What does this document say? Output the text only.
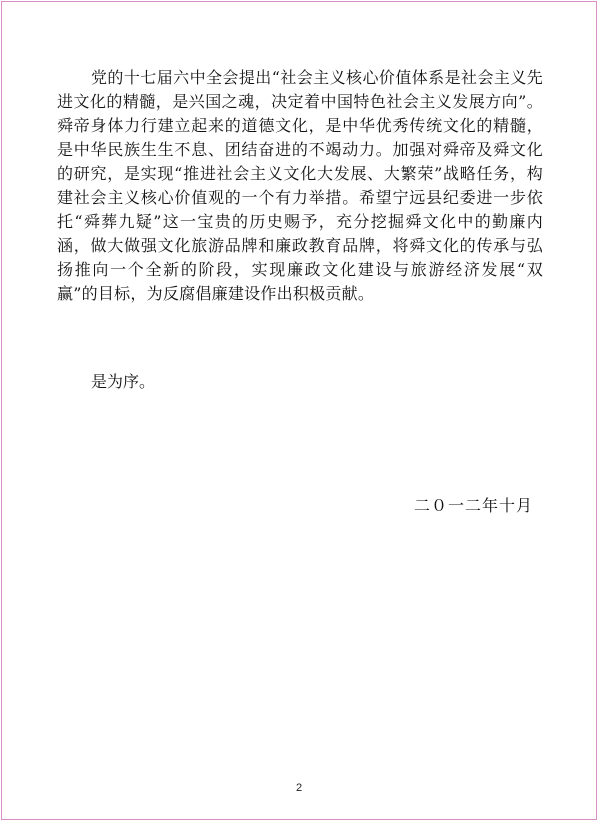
党的十七届六中全会提出“社会主义核心价值体系是社会主义先进文化的精髓，是兴国之魂，决定着中国特色社会主义发展方向”。舜帝身体力行建立起来的道德文化，是中华优秀传统文化的精髓，是中华民族生生不息、团结奋进的不竭动力。加强对舜帝及舜文化的研究，是实现“推进社会主义文化大发展、大繁荣”战略任务，构建社会主义核心价值观的一个有力举措。希望宁远县纪委进一步依托“舜葬九疑”这一宝贵的历史赐予，充分挖掘舜文化中的勤廉内涵，做大做强文化旅游品牌和廉政教育品牌，将舜文化的传承与弘扬推向一个全新的阶段，实现廉政文化建设与旅游经济发展“双赢”的目标，为反腐倡廉建设作出积极贡献。

是为序。

二０一二年十月

2
